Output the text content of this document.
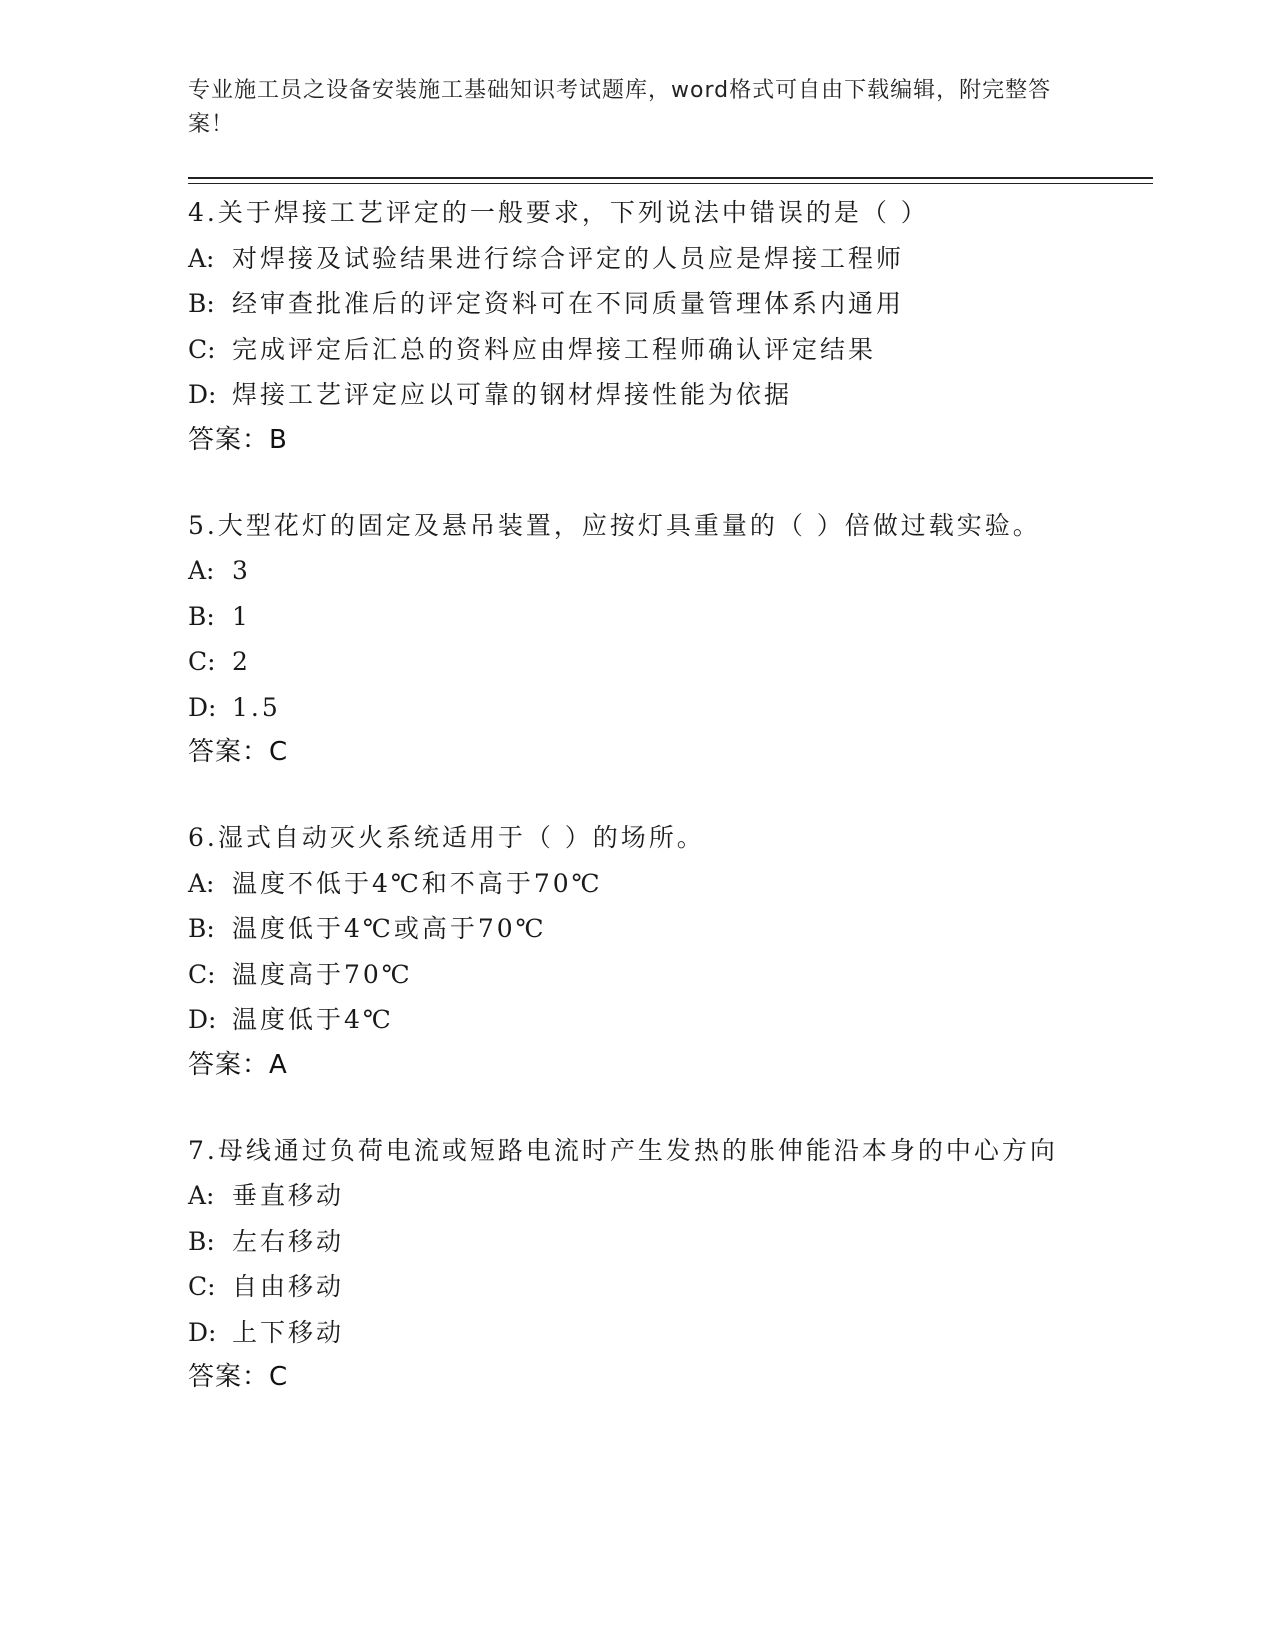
专业施工员之设备安装施工基础知识考试题库，word格式可自由下载编辑，附完整答案！
4.关于焊接工艺评定的一般要求，下列说法中错误的是（ ）
A: 对焊接及试验结果进行综合评定的人员应是焊接工程师
B: 经审查批准后的评定资料可在不同质量管理体系内通用
C: 完成评定后汇总的资料应由焊接工程师确认评定结果
D: 焊接工艺评定应以可靠的钢材焊接性能为依据
答案：B
5.大型花灯的固定及悬吊装置，应按灯具重量的（ ）倍做过载实验。
A: 3
B: 1
C: 2
D: 1.5
答案：C
6.湿式自动灭火系统适用于（ ）的场所。
A: 温度不低于4℃和不高于70℃
B: 温度低于4℃或高于70℃
C: 温度高于70℃
D: 温度低于4℃
答案：A
7.母线通过负荷电流或短路电流时产生发热的胀伸能沿本身的中心方向
A: 垂直移动
B: 左右移动
C: 自由移动
D: 上下移动
答案：C
